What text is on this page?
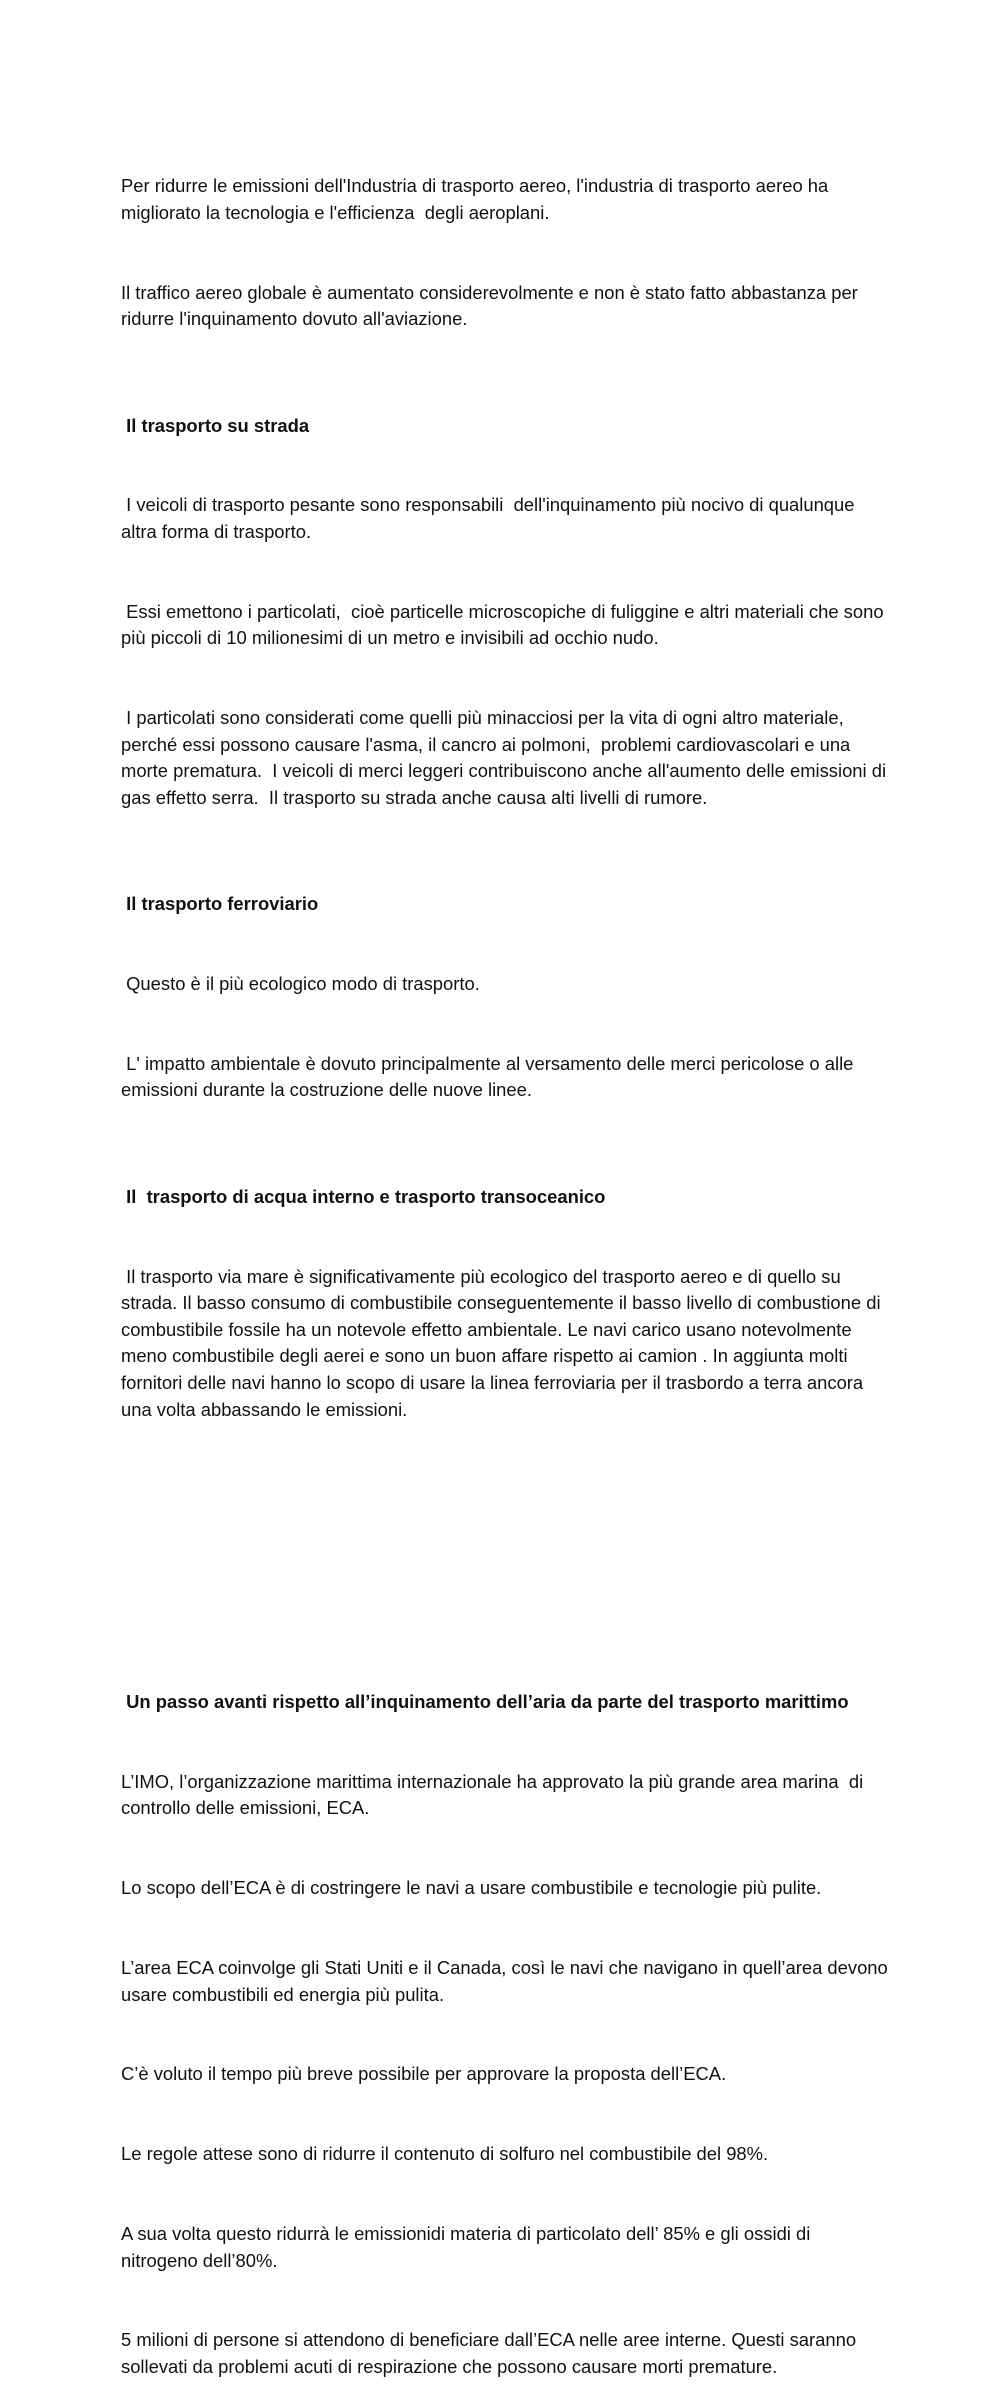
Per ridurre le emissioni dell'Industria di trasporto aereo, l'industria di trasporto aereo ha migliorato la tecnologia e l'efficienza  degli aeroplani.

Il traffico aereo globale è aumentato considerevolmente e non è stato fatto abbastanza per ridurre l'inquinamento dovuto all'aviazione.

Il trasporto su strada

I veicoli di trasporto pesante sono responsabili  dell'inquinamento più nocivo di qualunque altra forma di trasporto.

Essi emettono i particolati,  cioè particelle microscopiche di fuliggine e altri materiali che sono più piccoli di 10 milionesimi di un metro e invisibili ad occhio nudo.

I particolati sono considerati come quelli più minacciosi per la vita di ogni altro materiale,  perché essi possono causare l'asma, il cancro ai polmoni,  problemi cardiovascolari e una morte prematura.  I veicoli di merci leggeri contribuiscono anche all'aumento delle emissioni di gas effetto serra.  Il trasporto su strada anche causa alti livelli di rumore.

Il trasporto ferroviario

Questo è il più ecologico modo di trasporto.

L' impatto ambientale è dovuto principalmente al versamento delle merci pericolose o alle emissioni durante la costruzione delle nuove linee.

Il  trasporto di acqua interno e trasporto transoceanico

Il trasporto via mare è significativamente più ecologico del trasporto aereo e di quello su strada. Il basso consumo di combustibile conseguentemente il basso livello di combustione di combustibile fossile ha un notevole effetto ambientale. Le navi carico usano notevolmente meno combustibile degli aerei e sono un buon affare rispetto ai camion . In aggiunta molti fornitori delle navi hanno lo scopo di usare la linea ferroviaria per il trasbordo a terra ancora una volta abbassando le emissioni.

Un passo avanti rispetto all’inquinamento dell’aria da parte del trasporto marittimo

L’IMO, l’organizzazione marittima internazionale ha approvato la più grande area marina  di controllo delle emissioni, ECA.

Lo scopo dell’ECA è di costringere le navi a usare combustibile e tecnologie più pulite.

L’area ECA coinvolge gli Stati Uniti e il Canada, così le navi che navigano in quell’area devono usare combustibili ed energia più pulita.

C’è voluto il tempo più breve possibile per approvare la proposta dell’ECA.

Le regole attese sono di ridurre il contenuto di solfuro nel combustibile del 98%.

A sua volta questo ridurrà le emissionidi materia di particolato dell’ 85% e gli ossidi di nitrogeno dell’80%.

5 milioni di persone si attendono di beneficiare dall’ECA nelle aree interne. Questi saranno sollevati da problemi acuti di respirazione che possono causare morti premature.
